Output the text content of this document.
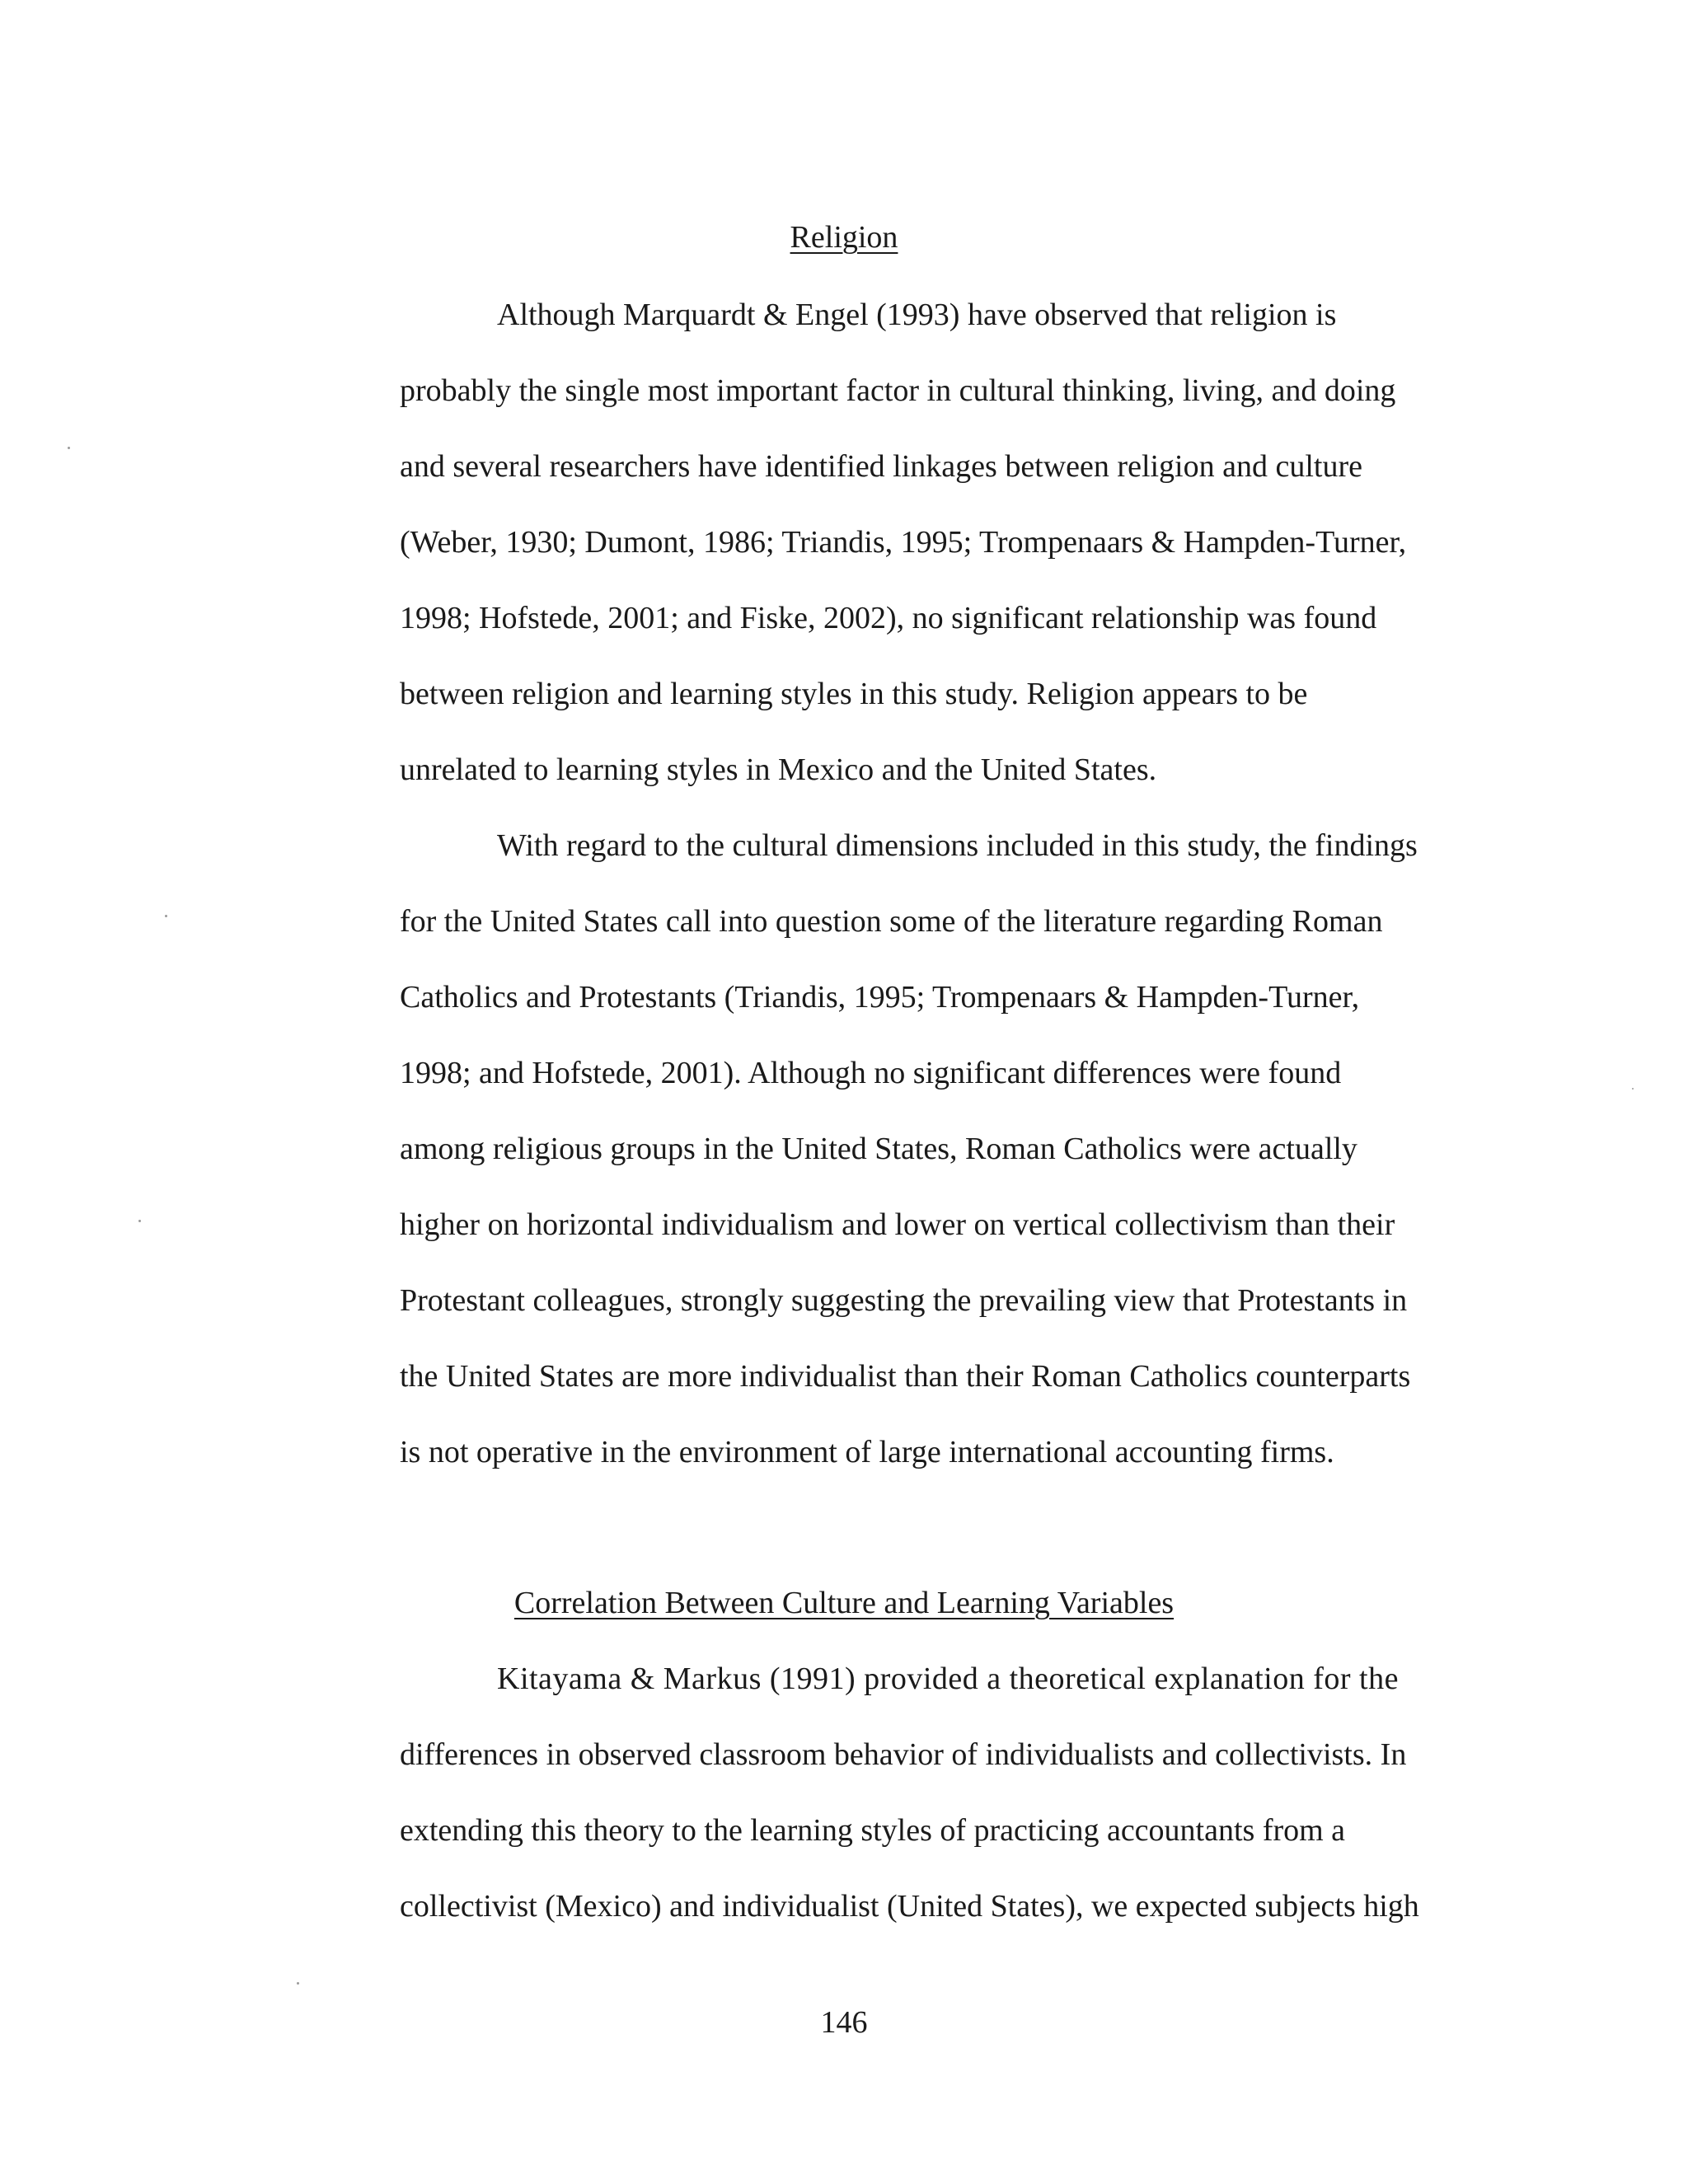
Religion
Although Marquardt & Engel (1993) have observed that religion is
probably the single most important factor in cultural thinking, living, and doing
and several researchers have identified linkages between religion and culture
(Weber, 1930; Dumont, 1986; Triandis, 1995; Trompenaars & Hampden-Turner,
1998; Hofstede, 2001; and Fiske, 2002), no significant relationship was found
between religion and learning styles in this study. Religion appears to be
unrelated to learning styles in Mexico and the United States.
With regard to the cultural dimensions included in this study, the findings
for the United States call into question some of the literature regarding Roman
Catholics and Protestants (Triandis, 1995; Trompenaars & Hampden-Turner,
1998; and Hofstede, 2001). Although no significant differences were found
among religious groups in the United States, Roman Catholics were actually
higher on horizontal individualism and lower on vertical collectivism than their
Protestant colleagues, strongly suggesting the prevailing view that Protestants in
the United States are more individualist than their Roman Catholics counterparts
is not operative in the environment of large international accounting firms.
Correlation Between Culture and Learning Variables
Kitayama & Markus (1991) provided a theoretical explanation for the
differences in observed classroom behavior of individualists and collectivists. In
extending this theory to the learning styles of practicing accountants from a
collectivist (Mexico) and individualist (United States), we expected subjects high
146
